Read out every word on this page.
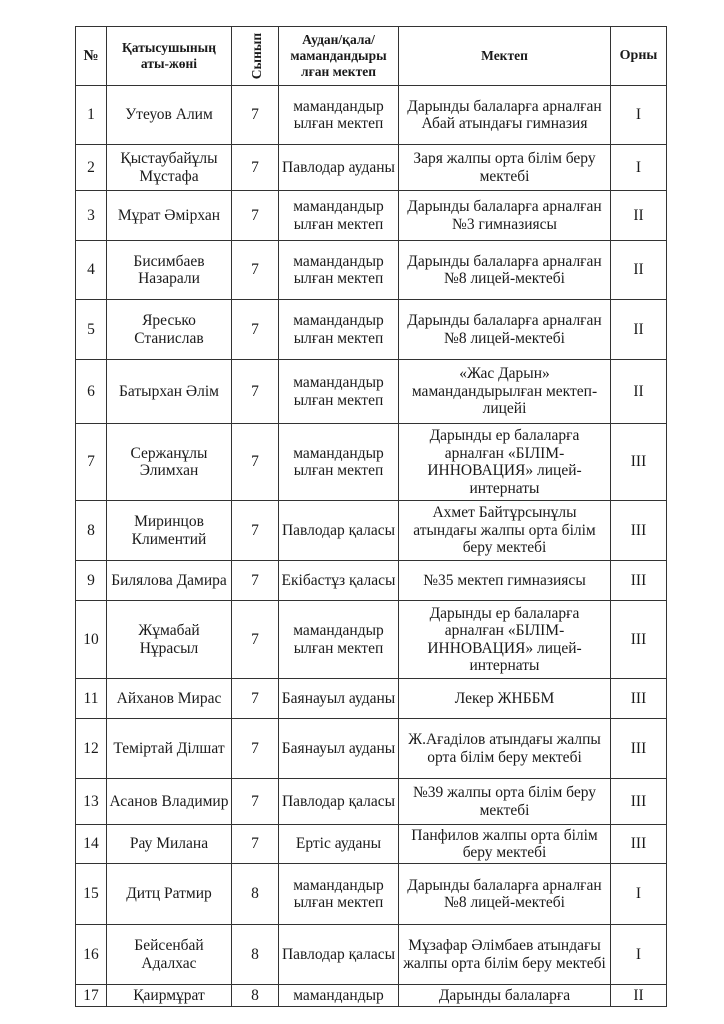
№	Қатысушының аты-жөні	Сынып	Аудан/қала/ мамандандыры лған мектеп	Мектеп	Орны
1	Утеуов Алим	7	мамандандыр ылған мектеп	Дарынды балаларға арналған Абай атындағы гимназия	I
2	Қыстаубайұлы Мұстафа	7	Павлодар ауданы	Заря жалпы орта білім беру мектебі	I
3	Мұрат Әмірхан	7	мамандандыр ылған мектеп	Дарынды балаларға арналған №3 гимназиясы	II
4	Бисимбаев Назарали	7	мамандандыр ылған мектеп	Дарынды балаларға арналған №8 лицей-мектебі	II
5	Яресько Станислав	7	мамандандыр ылған мектеп	Дарынды балаларға арналған №8 лицей-мектебі	II
6	Батырхан Әлім	7	мамандандыр ылған мектеп	«Жас Дарын» мамандандырылған мектеп-лицейі	II
7	Сержанұлы Элимхан	7	мамандандыр ылған мектеп	Дарынды ер балаларға арналған «БІЛІМ-ИННОВАЦИЯ» лицей-интернаты	III
8	Миринцов Климентий	7	Павлодар қаласы	Ахмет Байтұрсынұлы атындағы жалпы орта білім беру мектебі	III
9	Билялова Дамира	7	Екібастұз қаласы	№35 мектеп гимназиясы	III
10	Жұмабай Нұрасыл	7	мамандандыр ылған мектеп	Дарынды ер балаларға арналған «БІЛІМ-ИННОВАЦИЯ» лицей-интернаты	III
11	Айханов Мирас	7	Баянауыл ауданы	Лекер ЖНББМ	III
12	Теміртай Ділшат	7	Баянауыл ауданы	Ж.Ағаділов атындағы жалпы орта білім беру мектебі	III
13	Асанов Владимир	7	Павлодар қаласы	№39 жалпы орта білім беру мектебі	III
14	Рау Милана	7	Ертіс ауданы	Панфилов жалпы орта білім беру мектебі	III
15	Дитц Ратмир	8	мамандандыр ылған мектеп	Дарынды балаларға арналған №8 лицей-мектебі	I
16	Бейсенбай Адалхас	8	Павлодар қаласы	Мұзафар Әлімбаев атындағы жалпы орта білім беру мектебі	I
17	Қаирмұрат	8	мамандандыр	Дарынды балаларға	II
